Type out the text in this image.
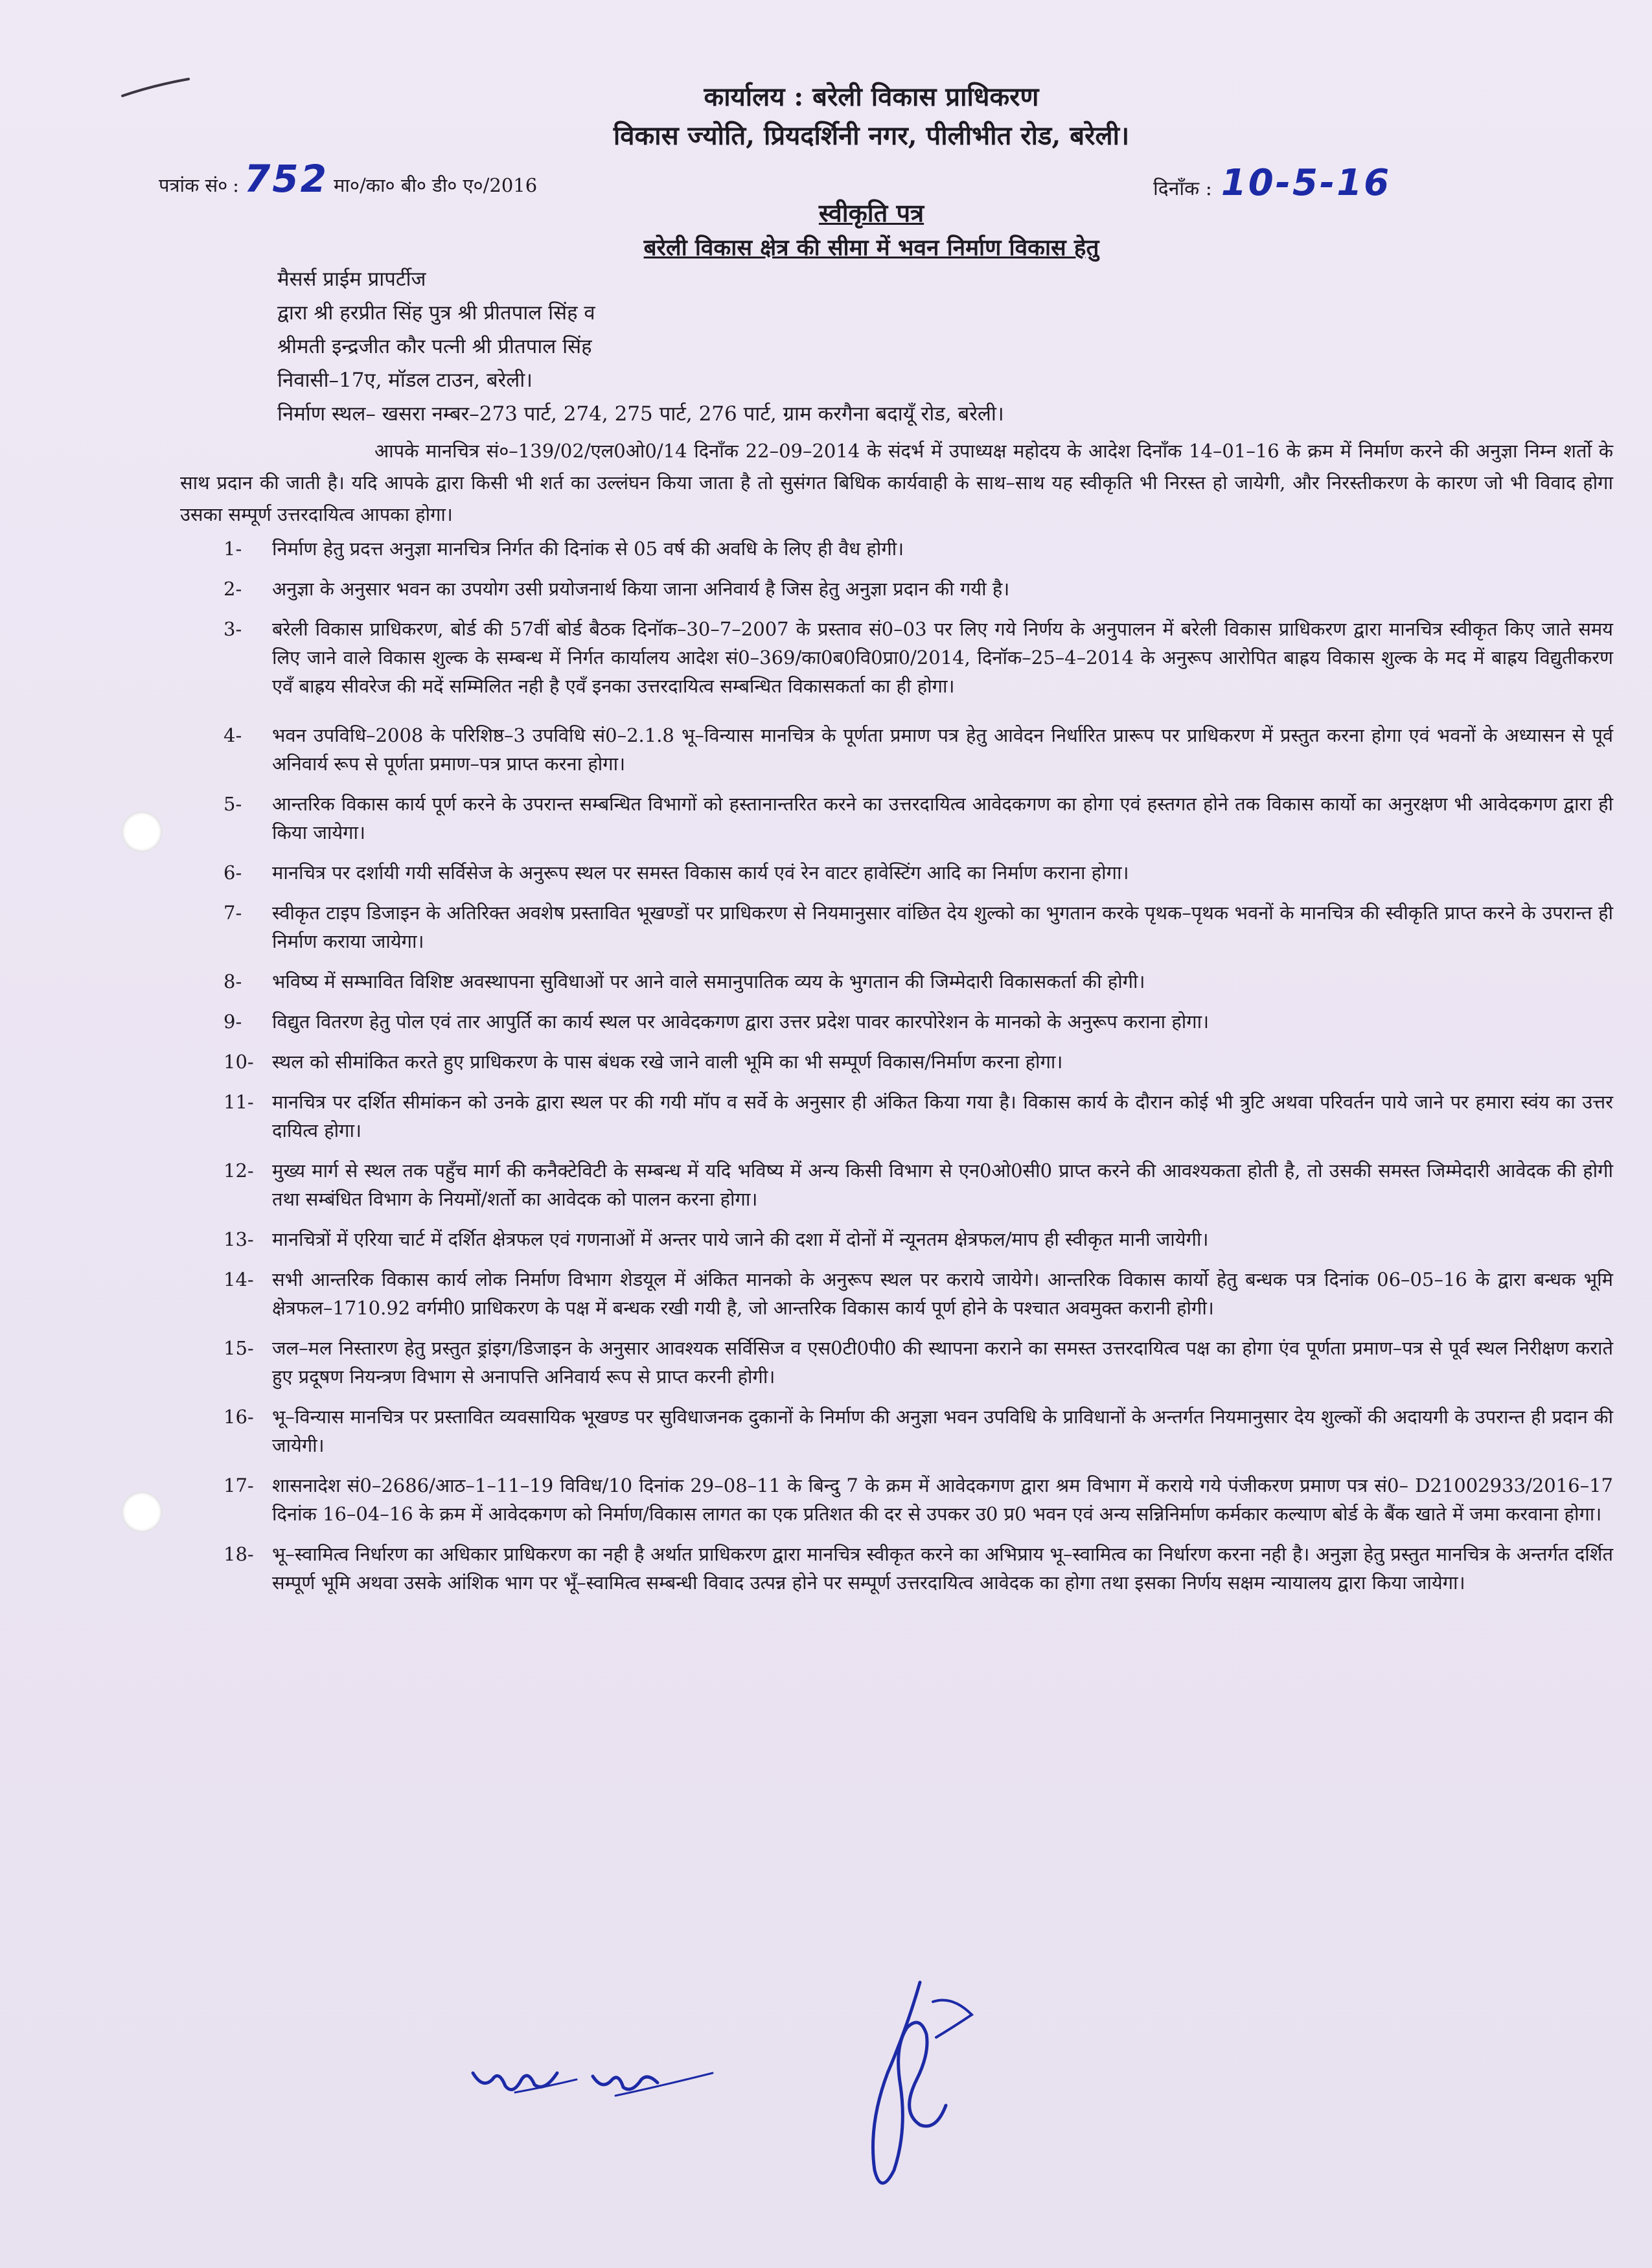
कार्यालय : बरेली विकास प्राधिकरण
विकास ज्योति, प्रियदर्शिनी नगर, पीलीभीत रोड, बरेली।
पत्रांक सं० : 752 मा०/का० बी० डी० ए०/2016	दिनाँक : 10-5-16
स्वीकृति पत्र
बरेली विकास क्षेत्र की सीमा में भवन निर्माण विकास हेतु
मैसर्स प्राईम प्रापर्टीज
द्वारा श्री हरप्रीत सिंह पुत्र श्री प्रीतपाल सिंह व
श्रीमती इन्द्रजीत कौर पत्नी श्री प्रीतपाल सिंह
निवासी–17ए, मॉडल टाउन, बरेली।
निर्माण स्थल– खसरा नम्बर–273 पार्ट, 274, 275 पार्ट, 276 पार्ट, ग्राम करगैना बदायूँ रोड, बरेली।
आपके मानचित्र सं०–139/02/एल0ओ0/14 दिनाँक 22–09–2014 के संदर्भ में उपाध्यक्ष महोदय के आदेश दिनाँक 14–01–16 के क्रम में निर्माण करने की अनुज्ञा निम्न शर्तो के साथ प्रदान की जाती है। यदि आपके द्वारा किसी भी शर्त का उल्लंघन किया जाता है तो सुसंगत बिधिक कार्यवाही के साथ–साथ यह स्वीकृति भी निरस्त हो जायेगी, और निरस्तीकरण के कारण जो भी विवाद होगा उसका सम्पूर्ण उत्तरदायित्व आपका होगा।
1-	निर्माण हेतु प्रदत्त अनुज्ञा मानचित्र निर्गत की दिनांक से 05 वर्ष की अवधि के लिए ही वैध होगी।
2-	अनुज्ञा के अनुसार भवन का उपयोग उसी प्रयोजनार्थ किया जाना अनिवार्य है जिस हेतु अनुज्ञा प्रदान की गयी है।
3-	बरेली विकास प्राधिकरण, बोर्ड की 57वीं बोर्ड बैठक दिनॉक–30–7–2007 के प्रस्ताव सं0–03 पर लिए गये निर्णय के अनुपालन में बरेली विकास प्राधिकरण द्वारा मानचित्र स्वीकृत किए जाते समय लिए जाने वाले विकास शुल्क के सम्बन्ध में निर्गत कार्यालय आदेश सं0–369/का0ब0वि0प्रा0/2014, दिनॉक–25–4–2014 के अनुरूप आरोपित बाह्रय विकास शुल्क के मद में बाह्रय विद्युतीकरण एवँ बाह्रय सीवरेज की मदें सम्मिलित नही है एवँ इनका उत्तरदायित्व सम्बन्धित विकासकर्ता का ही होगा।
4-	भवन उपविधि–2008 के परिशिष्ठ–3 उपविधि सं0–2.1.8 भू–विन्यास मानचित्र के पूर्णता प्रमाण पत्र हेतु आवेदन निर्धारित प्रारूप पर प्राधिकरण में प्रस्तुत करना होगा एवं भवनों के अध्यासन से पूर्व अनिवार्य रूप से पूर्णता प्रमाण–पत्र प्राप्त करना होगा।
5-	आन्तरिक विकास कार्य पूर्ण करने के उपरान्त सम्बन्धित विभागों को हस्तानान्तरित करने का उत्तरदायित्व आवेदकगण का होगा एवं हस्तगत होने तक विकास कार्यो का अनुरक्षण भी आवेदकगण द्वारा ही किया जायेगा।
6-	मानचित्र पर दर्शायी गयी सर्विसेज के अनुरूप स्थल पर समस्त विकास कार्य एवं रेन वाटर हावेस्टिंग आदि का निर्माण कराना होगा।
7-	स्वीकृत टाइप डिजाइन के अतिरिक्त अवशेष प्रस्तावित भूखण्डों पर प्राधिकरण से नियमानुसार वांछित देय शुल्को का भुगतान करके पृथक–पृथक भवनों के मानचित्र की स्वीकृति प्राप्त करने के उपरान्त ही निर्माण कराया जायेगा।
8-	भविष्य में सम्भावित विशिष्ट अवस्थापना सुविधाओं पर आने वाले समानुपातिक व्यय के भुगतान की जिम्मेदारी विकासकर्ता की होगी।
9-	विद्युत वितरण हेतु पोल एवं तार आपुर्ति का कार्य स्थल पर आवेदकगण द्वारा उत्तर प्रदेश पावर कारपोरेशन के मानको के अनुरूप कराना होगा।
10- स्थल को सीमांकित करते हुए प्राधिकरण के पास बंधक रखे जाने वाली भूमि का भी सम्पूर्ण विकास/निर्माण करना होगा।
11- मानचित्र पर दर्शित सीमांकन को उनके द्वारा स्थल पर की गयी मॉप व सर्वे के अनुसार ही अंकित किया गया है। विकास कार्य के दौरान कोई भी त्रुटि अथवा परिवर्तन पाये जाने पर हमारा स्वंय का उत्तर दायित्व होगा।
12- मुख्य मार्ग से स्थल तक पहुँच मार्ग की कनैक्टेविटी के सम्बन्ध में यदि भविष्य में अन्य किसी विभाग से एन0ओ0सी0 प्राप्त करने की आवश्यकता होती है, तो उसकी समस्त जिम्मेदारी आवेदक की होगी तथा सम्बंधित विभाग के नियमों/शर्तो का आवेदक को पालन करना होगा।
13- मानचित्रों में एरिया चार्ट में दर्शित क्षेत्रफल एवं गणनाओं में अन्तर पाये जाने की दशा में दोनों में न्यूनतम क्षेत्रफल/माप ही स्वीकृत मानी जायेगी।
14- सभी आन्तरिक विकास कार्य लोक निर्माण विभाग शेडयूल में अंकित मानको के अनुरूप स्थल पर कराये जायेगे। आन्तरिक विकास कार्यो हेतु बन्धक पत्र दिनांक 06–05–16 के द्वारा बन्धक भूमि क्षेत्रफल–1710.92 वर्गमी0 प्राधिकरण के पक्ष में बन्धक रखी गयी है, जो आन्तरिक विकास कार्य पूर्ण होने के पश्चात अवमुक्त करानी होगी।
15- जल–मल निस्तारण हेतु प्रस्तुत ड्रांइग/डिजाइन के अनुसार आवश्यक सर्विसिज व एस0टी0पी0 की स्थापना कराने का समस्त उत्तरदायित्व पक्ष का होगा एंव पूर्णता प्रमाण–पत्र से पूर्व स्थल निरीक्षण कराते हुए प्रदूषण नियन्त्रण विभाग से अनापत्ति अनिवार्य रूप से प्राप्त करनी होगी।
16- भू–विन्यास मानचित्र पर प्रस्तावित व्यवसायिक भूखण्ड पर सुविधाजनक दुकानों के निर्माण की अनुज्ञा भवन उपविधि के प्राविधानों के अन्तर्गत नियमानुसार देय शुल्कों की अदायगी के उपरान्त ही प्रदान की जायेगी।
17- शासनादेश सं0–2686/आठ–1–11–19 विविध/10 दिनांक 29–08–11 के बिन्दु 7 के क्रम में आवेदकगण द्वारा श्रम विभाग में कराये गये पंजीकरण प्रमाण पत्र सं0– D21002933/2016–17 दिनांक 16–04–16 के क्रम में आवेदकगण को निर्माण/विकास लागत का एक प्रतिशत की दर से उपकर उ0 प्र0 भवन एवं अन्य सन्निनिर्माण कर्मकार कल्याण बोर्ड के बैंक खाते में जमा करवाना होगा।
18- भू–स्वामित्व निर्धारण का अधिकार प्राधिकरण का नही है अर्थात प्राधिकरण द्वारा मानचित्र स्वीकृत करने का अभिप्राय भू–स्वामित्व का निर्धारण करना नही है। अनुज्ञा हेतु प्रस्तुत मानचित्र के अन्तर्गत दर्शित सम्पूर्ण भूमि अथवा उसके आंशिक भाग पर भूँ–स्वामित्व सम्बन्धी विवाद उत्पन्न होने पर सम्पूर्ण उत्तरदायित्व आवेदक का होगा तथा इसका निर्णय सक्षम न्यायालय द्वारा किया जायेगा।
